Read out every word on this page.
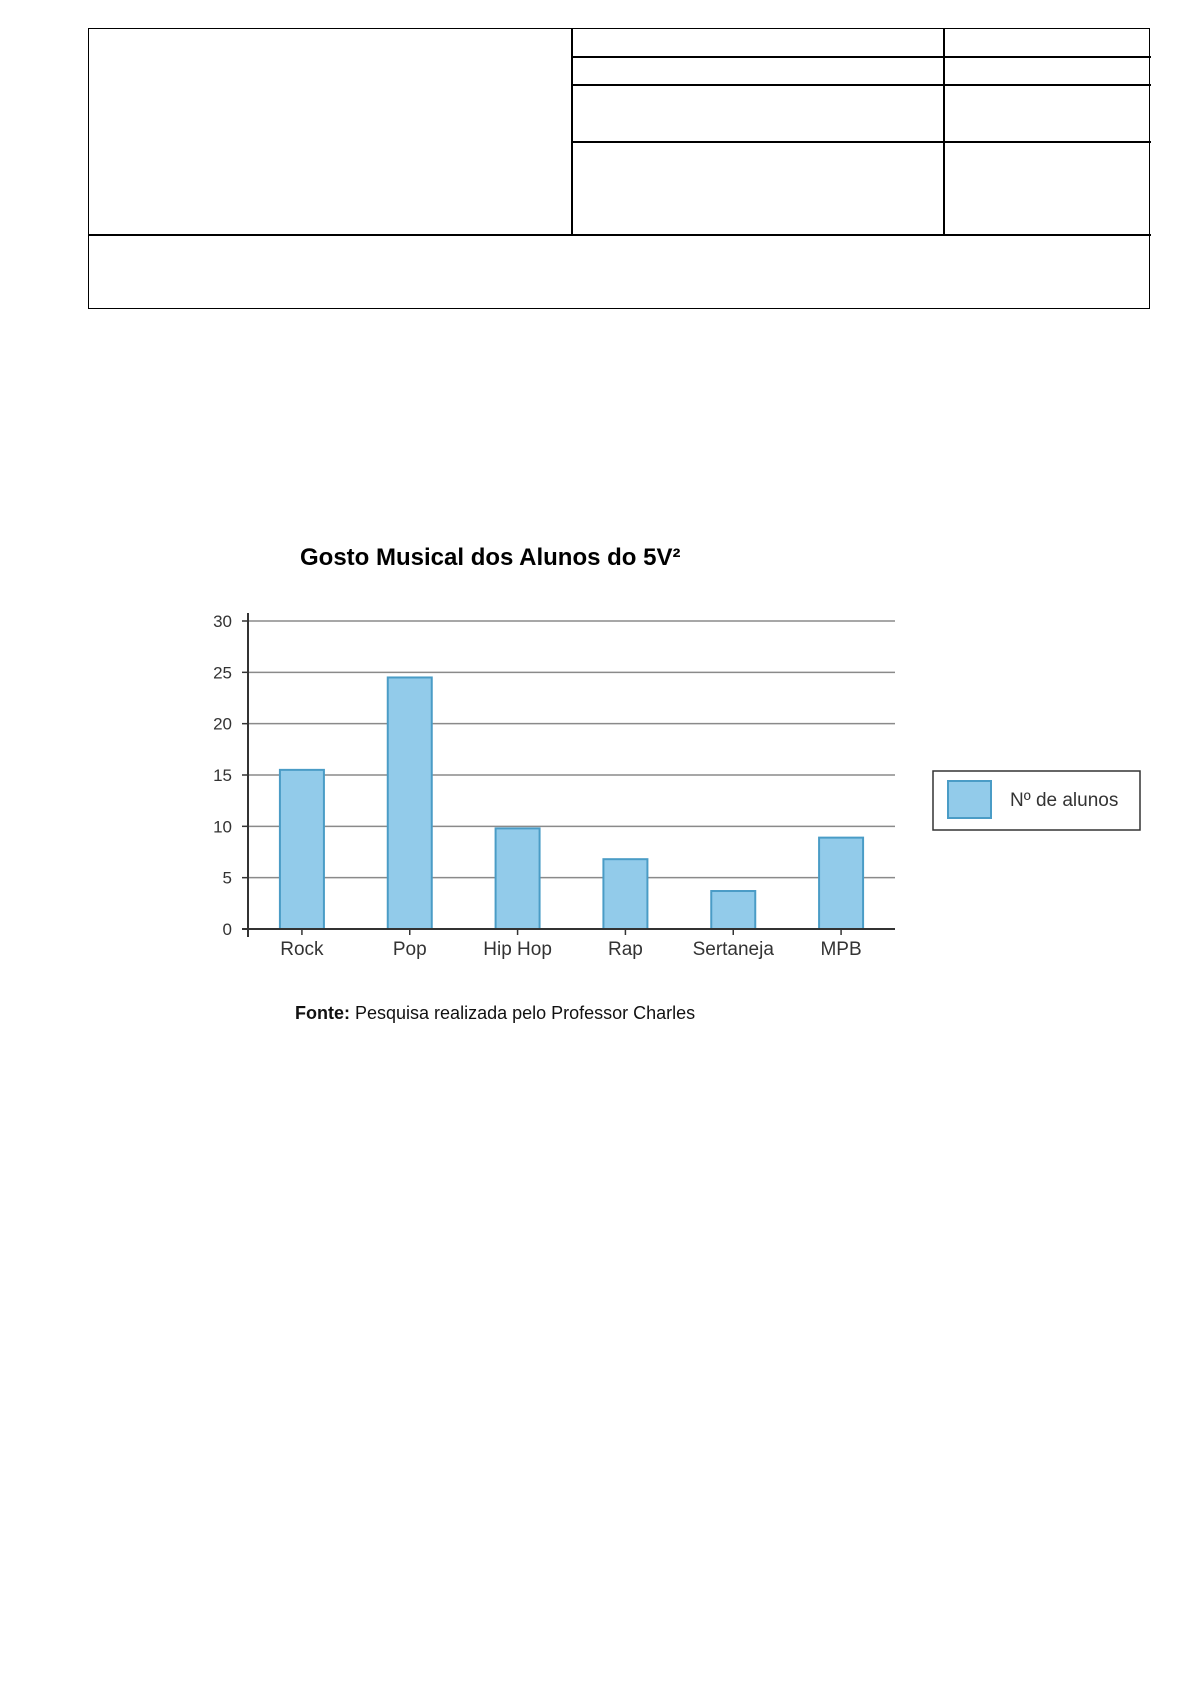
Gosto Musical dos Alunos do 5V²
0
5
10
15
20
25
30
Rock	Pop	Hip Hop	Rap	Sertaneja MPB
Nº de alunos
Fonte: Pesquisa realizada pelo Professor Charles
